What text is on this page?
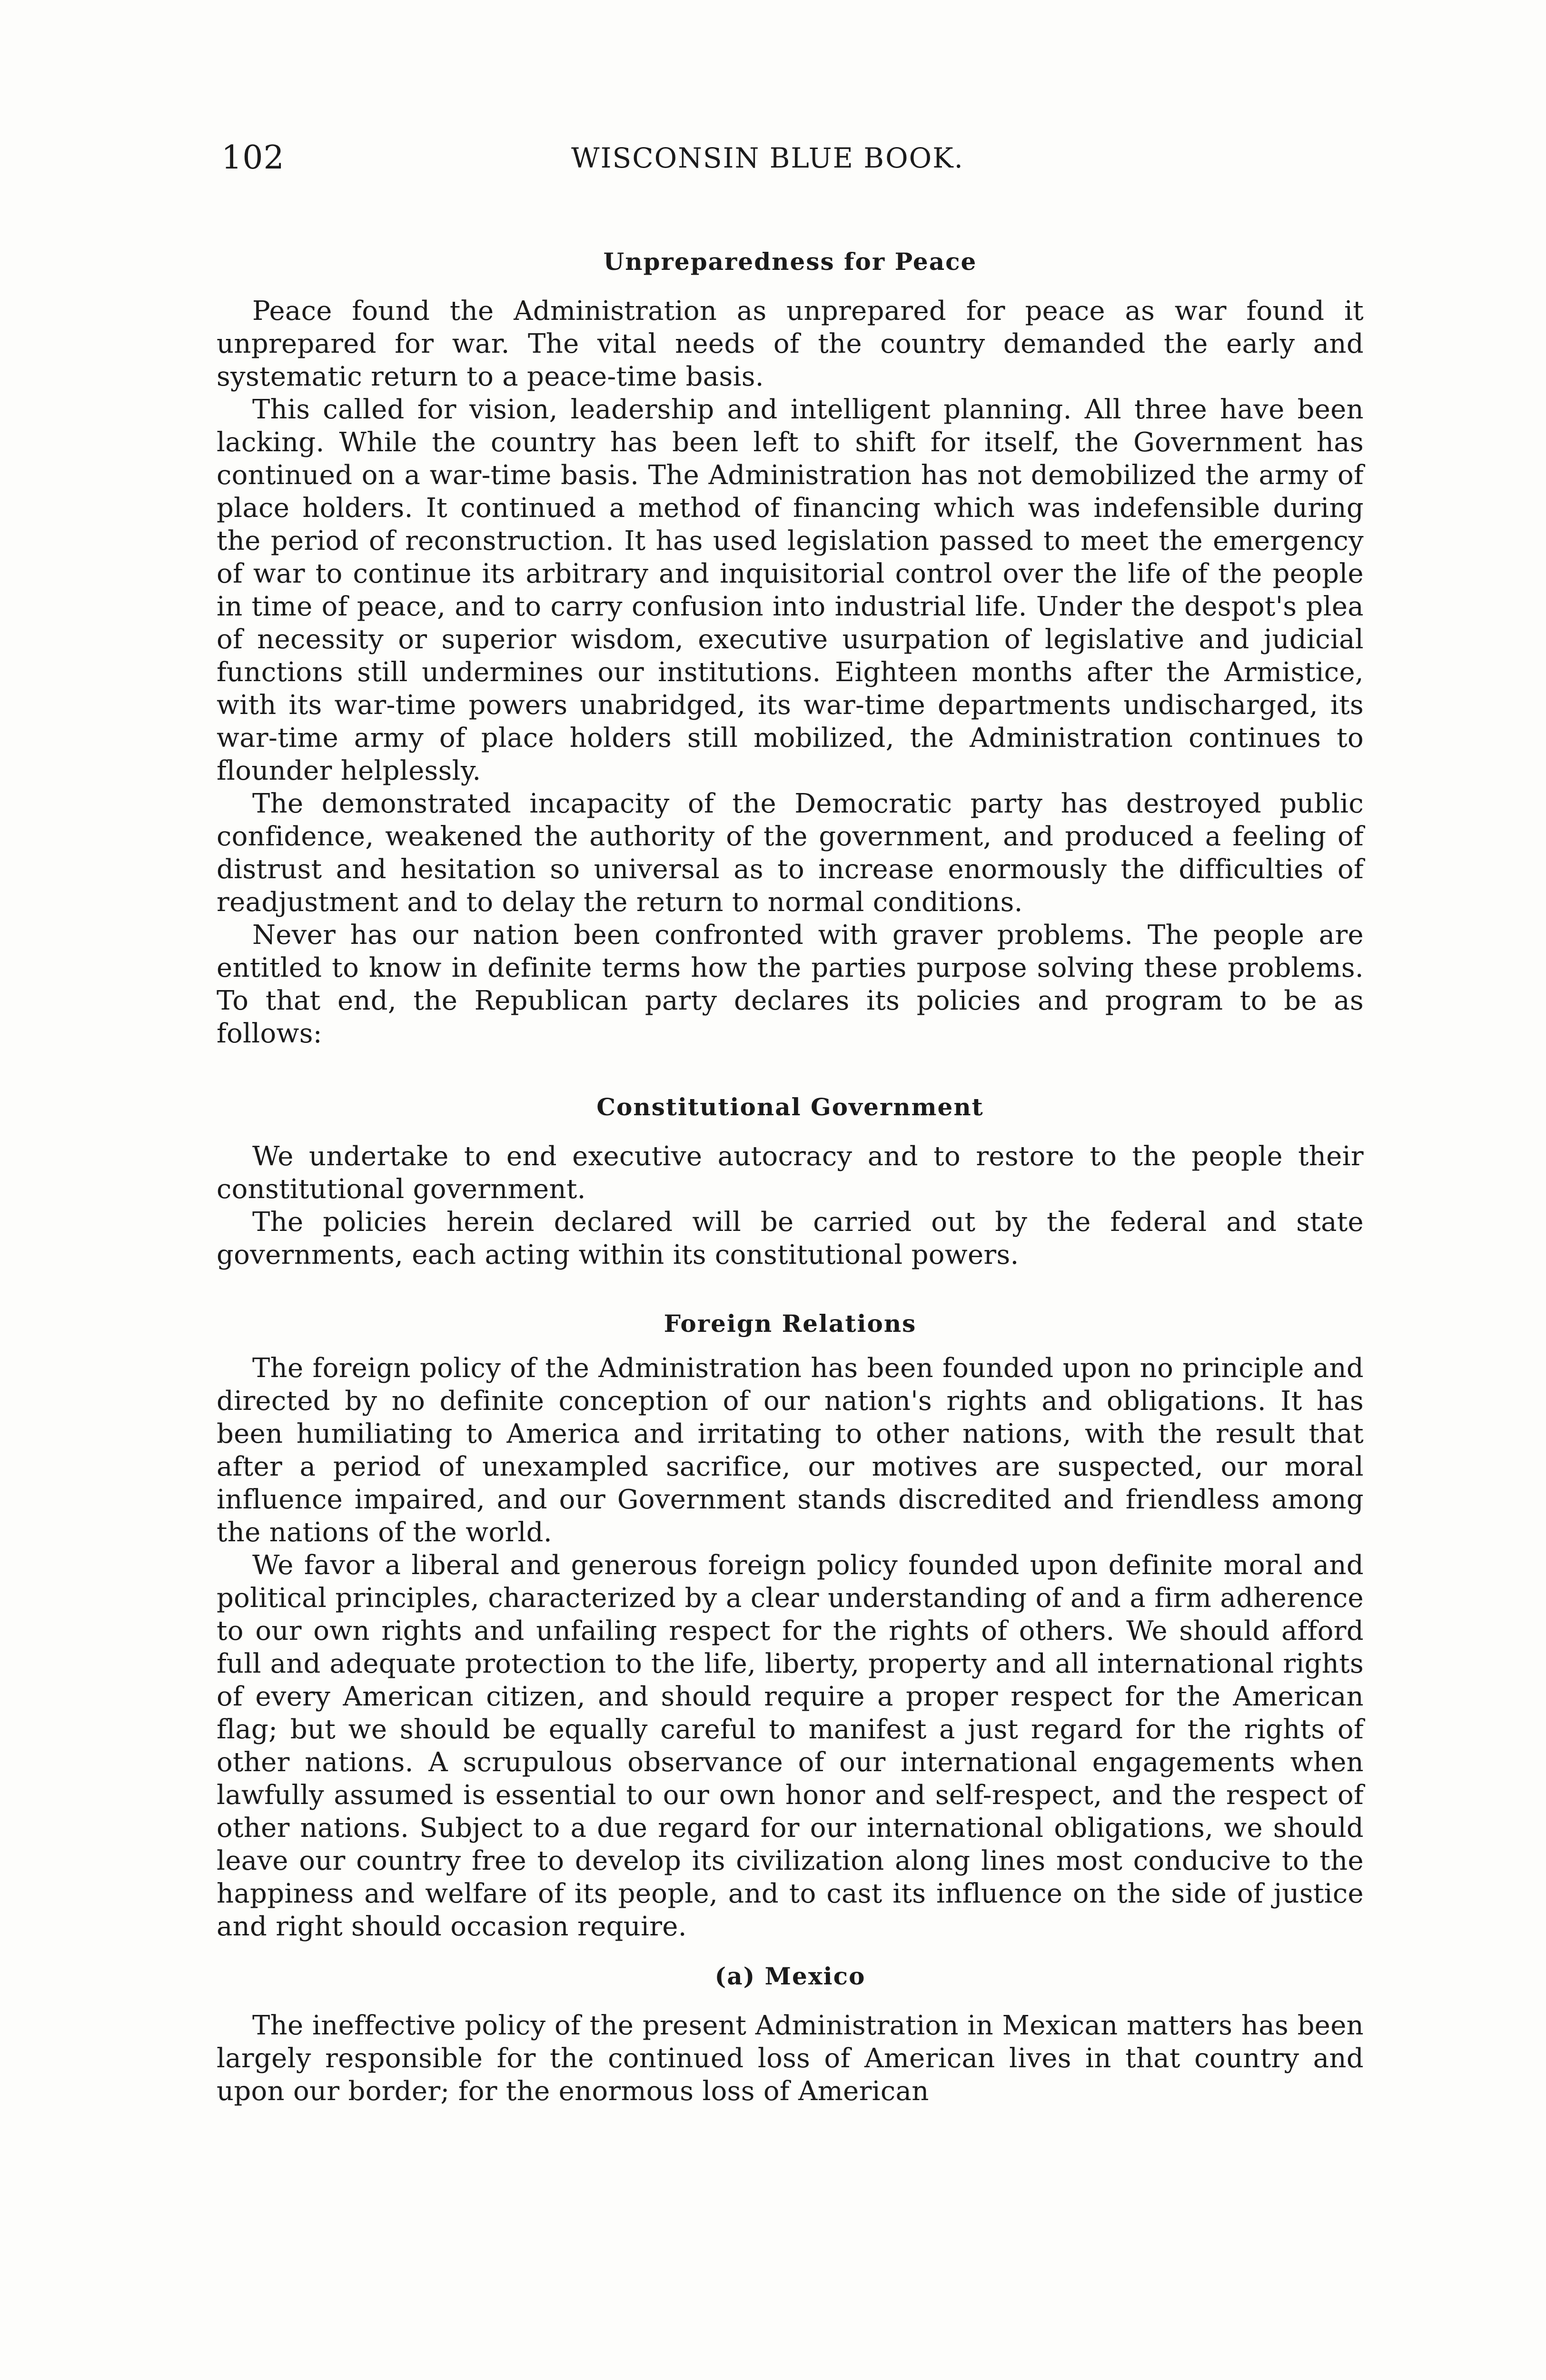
102	WISCONSIN BLUE BOOK.
Unpreparedness for Peace

Peace found the Administration as unprepared for peace as war found it unprepared for war. The vital needs of the country demanded the early and systematic return to a peace-time basis.

This called for vision, leadership and intelligent planning. All three have been lacking. While the country has been left to shift for itself, the Government has continued on a war-time basis. The Administration has not demobilized the army of place holders. It continued a method of financing which was indefensible during the period of reconstruction. It has used legislation passed to meet the emergency of war to continue its arbitrary and inquisitorial control over the life of the people in time of peace, and to carry confusion into industrial life. Under the despot's plea of necessity or superior wisdom, executive usurpation of legislative and judicial functions still undermines our institutions. Eighteen months after the Armistice, with its war-time powers unabridged, its war-time departments undischarged, its war-time army of place holders still mobilized, the Administration continues to flounder helplessly.

The demonstrated incapacity of the Democratic party has destroyed public confidence, weakened the authority of the government, and produced a feeling of distrust and hesitation so universal as to increase enormously the difficulties of readjustment and to delay the return to normal conditions.

Never has our nation been confronted with graver problems. The people are entitled to know in definite terms how the parties purpose solving these problems. To that end, the Republican party declares its policies and program to be as follows:

Constitutional Government

We undertake to end executive autocracy and to restore to the people their constitutional government.

The policies herein declared will be carried out by the federal and state governments, each acting within its constitutional powers.

Foreign Relations

The foreign policy of the Administration has been founded upon no principle and directed by no definite conception of our nation's rights and obligations. It has been humiliating to America and irritating to other nations, with the result that after a period of unexampled sacrifice, our motives are suspected, our moral influence impaired, and our Government stands discredited and friendless among the nations of the world.

We favor a liberal and generous foreign policy founded upon definite moral and political principles, characterized by a clear understanding of and a firm adherence to our own rights and unfailing respect for the rights of others. We should afford full and adequate protection to the life, liberty, property and all international rights of every American citizen, and should require a proper respect for the American flag; but we should be equally careful to manifest a just regard for the rights of other nations. A scrupulous observance of our international engagements when lawfully assumed is essential to our own honor and self-respect, and the respect of other nations. Subject to a due regard for our international obligations, we should leave our country free to develop its civilization along lines most conducive to the happiness and welfare of its people, and to cast its influence on the side of justice and right should occasion require.

(a) Mexico

The ineffective policy of the present Administration in Mexican matters has been largely responsible for the continued loss of American lives in that country and upon our border; for the enormous loss of American
